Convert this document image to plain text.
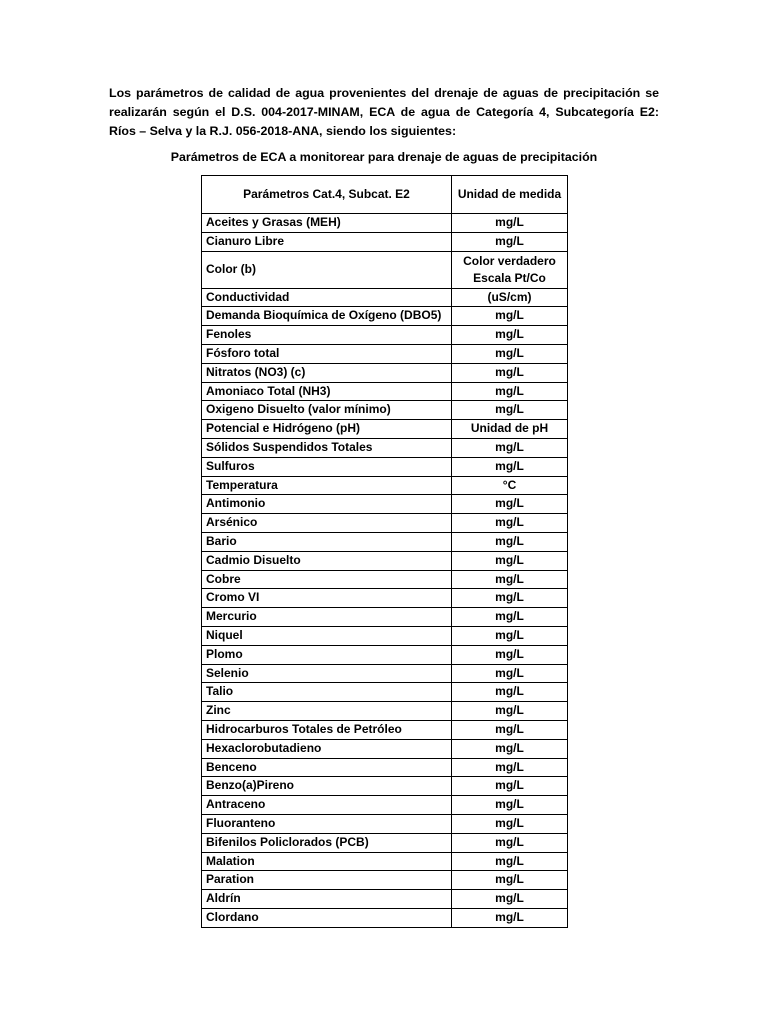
Los parámetros de calidad de agua provenientes del drenaje de aguas de precipitación se realizarán según el D.S. 004-2017-MINAM, ECA de agua de Categoría 4, Subcategoría E2: Ríos – Selva y la R.J. 056-2018-ANA, siendo los siguientes:

Parámetros de ECA a monitorear para drenaje de aguas de precipitación

Parámetros Cat.4, Subcat. E2	Unidad de medida
Aceites y Grasas (MEH)	mg/L
Cianuro Libre	mg/L
Color (b)	Color verdadero Escala Pt/Co
Conductividad	(uS/cm)
Demanda Bioquímica de Oxígeno (DBO5)	mg/L
Fenoles	mg/L
Fósforo total	mg/L
Nitratos (NO3) (c)	mg/L
Amoniaco Total (NH3)	mg/L
Oxigeno Disuelto (valor mínimo)	mg/L
Potencial e Hidrógeno (pH)	Unidad de pH
Sólidos Suspendidos Totales	mg/L
Sulfuros	mg/L
Temperatura	°C
Antimonio	mg/L
Arsénico	mg/L
Bario	mg/L
Cadmio Disuelto	mg/L
Cobre	mg/L
Cromo VI	mg/L
Mercurio	mg/L
Niquel	mg/L
Plomo	mg/L
Selenio	mg/L
Talio	mg/L
Zinc	mg/L
Hidrocarburos Totales de Petróleo	mg/L
Hexaclorobutadieno	mg/L
Benceno	mg/L
Benzo(a)Pireno	mg/L
Antraceno	mg/L
Fluoranteno	mg/L
Bifenilos Policlorados (PCB)	mg/L
Malation	mg/L
Paration	mg/L
Aldrín	mg/L
Clordano	mg/L
